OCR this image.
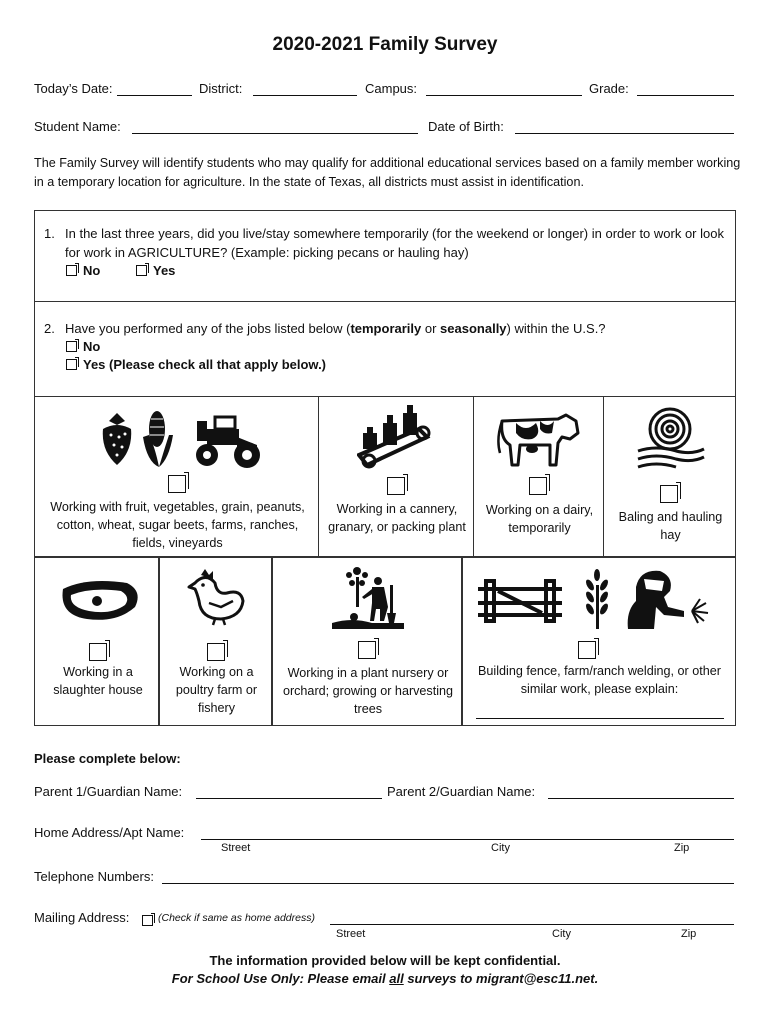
2020-2021 Family Survey
Today’s Date:	District:	Campus:	Grade:
Student Name:	Date of Birth:
The Family Survey will identify students who may qualify for additional educational services based on a family member working in a temporary location for agriculture. In the state of Texas, all districts must assist in identification.
1. In the last three years, did you live/stay somewhere temporarily (for the weekend or longer) in order to work or look for work in AGRICULTURE? (Example: picking pecans or hauling hay)
No	Yes
2. Have you performed any of the jobs listed below (temporarily or seasonally) within the U.S.?
No
Yes (Please check all that apply below.)
Working with fruit, vegetables, grain, peanuts, cotton, wheat, sugar beets, farms, ranches, fields, vineyards
Working in a cannery, granary, or packing plant
Working on a dairy, temporarily
Baling and hauling hay
Working in a slaughter house
Working on a poultry farm or fishery
Working in a plant nursery or orchard; growing or harvesting trees
Building fence, farm/ranch welding, or other similar work, please explain:
Please complete below:
Parent 1/Guardian Name:	Parent 2/Guardian Name:
Home Address/Apt Name:
Street	City	Zip
Telephone Numbers:
Mailing Address:	(Check if same as home address)
Street	City	Zip
The information provided below will be kept confidential.
For School Use Only: Please email all surveys to migrant@esc11.net.
